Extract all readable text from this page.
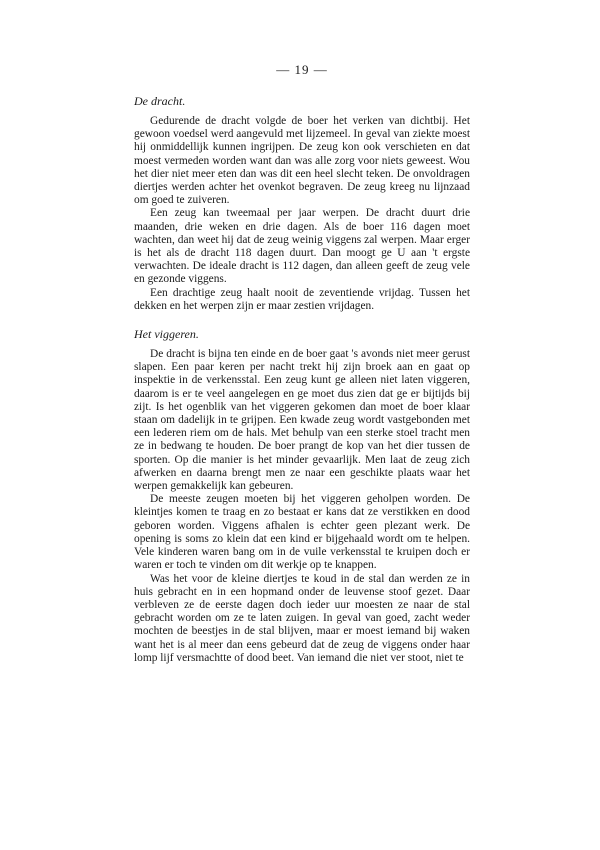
— 19 —
De dracht.

Gedurende de dracht volgde de boer het verken van dichtbij. Het gewoon voedsel werd aangevuld met lijzemeel. In geval van ziekte moest hij onmiddellijk kunnen ingrijpen. De zeug kon ook verschieten en dat moest vermeden worden want dan was alle zorg voor niets geweest. Wou het dier niet meer eten dan was dit een heel slecht teken. De onvoldragen diertjes werden achter het ovenkot begraven. De zeug kreeg nu lijnzaad om goed te zuiveren.

Een zeug kan tweemaal per jaar werpen. De dracht duurt drie maanden, drie weken en drie dagen. Als de boer 116 dagen moet wachten, dan weet hij dat de zeug weinig viggens zal werpen. Maar erger is het als de dracht 118 dagen duurt. Dan moogt ge U aan 't ergste verwachten. De ideale dracht is 112 dagen, dan alleen geeft de zeug vele en gezonde viggens.

Een drachtige zeug haalt nooit de zeventiende vrijdag. Tussen het dekken en het werpen zijn er maar zestien vrijdagen.

Het viggeren.

De dracht is bijna ten einde en de boer gaat 's avonds niet meer gerust slapen. Een paar keren per nacht trekt hij zijn broek aan en gaat op inspektie in de verkensstal. Een zeug kunt ge alleen niet laten viggeren, daarom is er te veel aangelegen en ge moet dus zien dat ge er bijtijds bij zijt. Is het ogenblik van het viggeren gekomen dan moet de boer klaar staan om dadelijk in te grijpen. Een kwade zeug wordt vastgebonden met een lederen riem om de hals. Met behulp van een sterke stoel tracht men ze in bedwang te houden. De boer prangt de kop van het dier tussen de sporten. Op die manier is het minder gevaarlijk. Men laat de zeug zich afwerken en daarna brengt men ze naar een geschikte plaats waar het werpen gemakkelijk kan gebeuren.

De meeste zeugen moeten bij het viggeren geholpen worden. De kleintjes komen te traag en zo bestaat er kans dat ze verstikken en dood geboren worden. Viggens afhalen is echter geen plezant werk. De opening is soms zo klein dat een kind er bijgehaald wordt om te helpen. Vele kinderen waren bang om in de vuile verkensstal te kruipen doch er waren er toch te vinden om dit werkje op te knappen.

Was het voor de kleine diertjes te koud in de stal dan werden ze in huis gebracht en in een hopmand onder de leuvense stoof gezet. Daar verbleven ze de eerste dagen doch ieder uur moesten ze naar de stal gebracht worden om ze te laten zuigen. In geval van goed, zacht weder mochten de beestjes in de stal blijven, maar er moest iemand bij waken want het is al meer dan eens gebeurd dat de zeug de viggens onder haar lomp lijf versmachtte of dood beet. Van iemand die niet ver stoot, niet te
